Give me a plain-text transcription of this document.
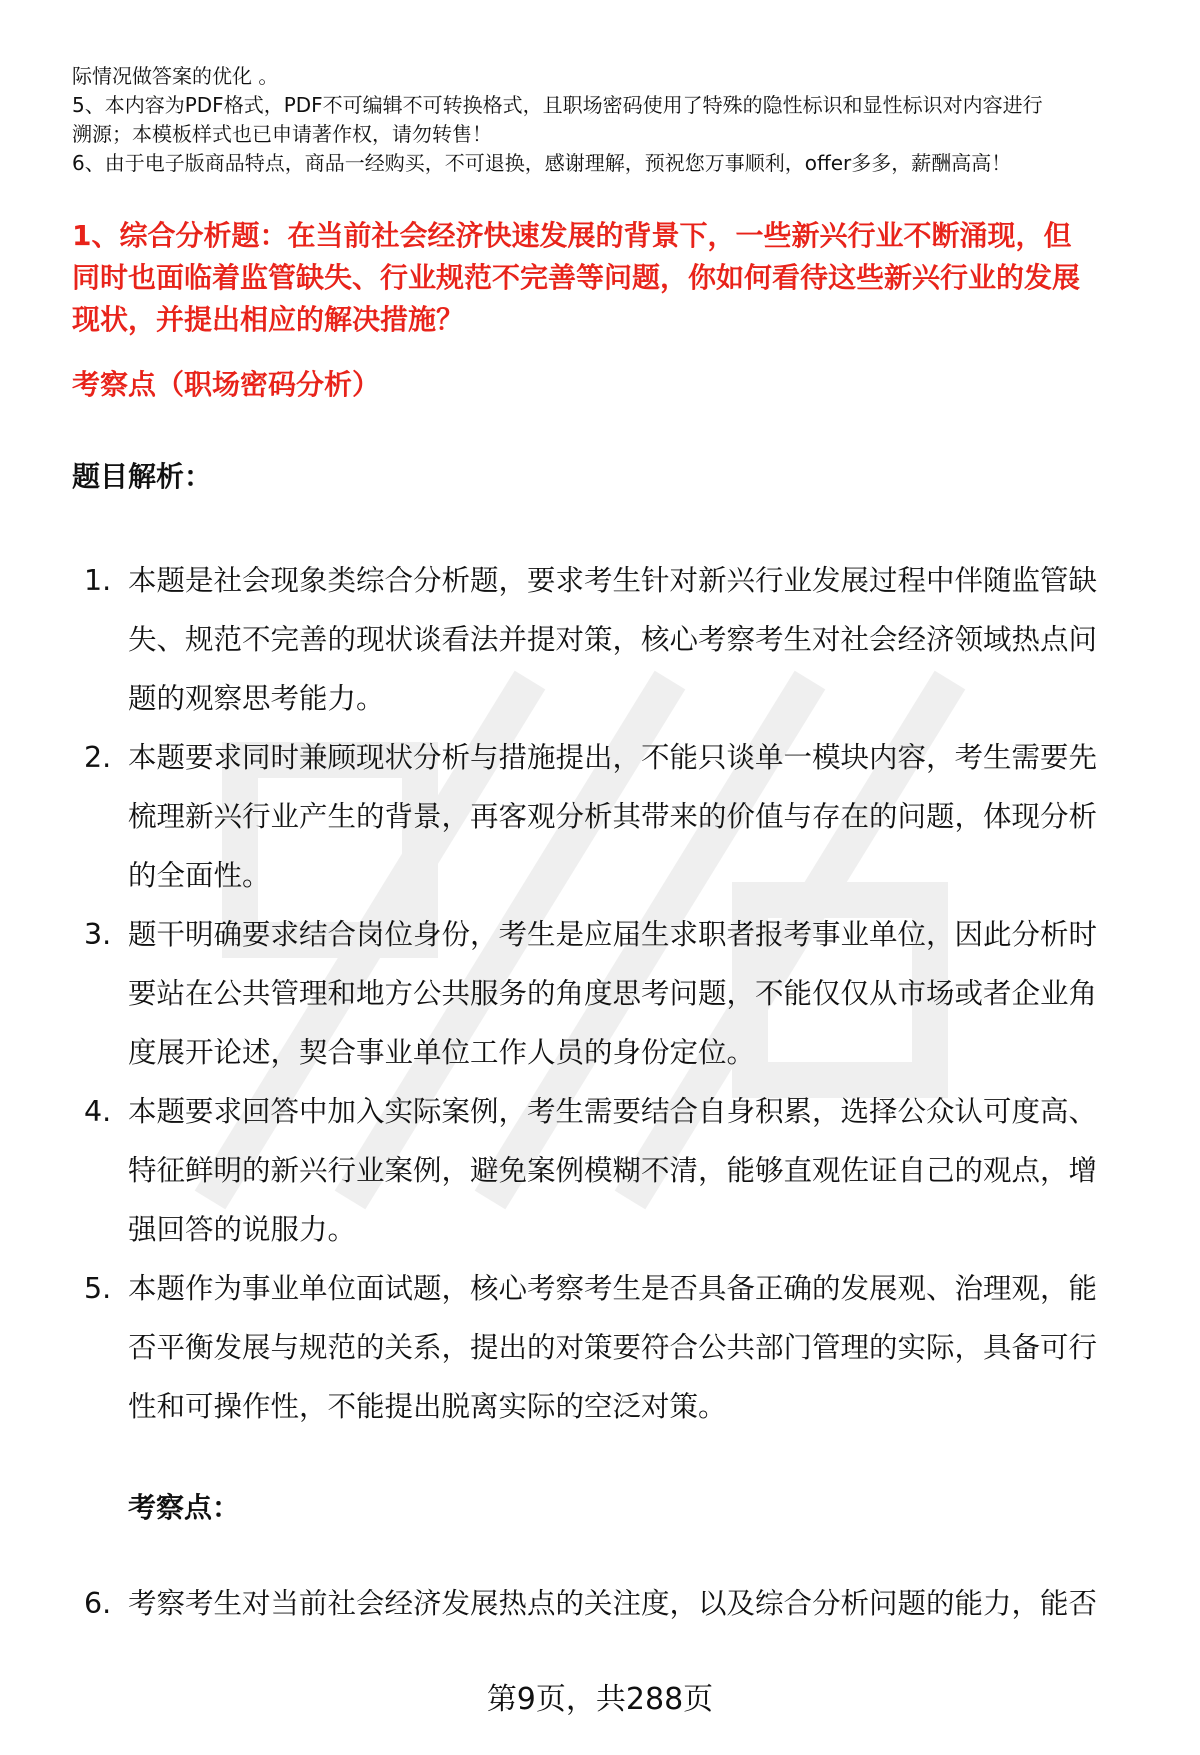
际情况做答案的优化 。

5、本内容为PDF格式，PDF不可编辑不可转换格式，且职场密码使用了特殊的隐性标识和显性标识对内容进行

溯源；本模板样式也已申请著作权，请勿转售！

6、由于电子版商品特点，商品一经购买，不可退换，感谢理解，预祝您万事顺利，offer多多，薪酬高高！

1、综合分析题：在当前社会经济快速发展的背景下，一些新兴行业不断涌现，但
同时也面临着监管缺失、行业规范不完善等问题，你如何看待这些新兴行业的发展
现状，并提出相应的解决措施？
考察点（职场密码分析）
题目解析：
1. 本题是社会现象类综合分析题，要求考生针对新兴行业发展过程中伴随监管缺
失、规范不完善的现状谈看法并提对策，核心考察考生对社会经济领域热点问
题的观察思考能力。
2. 本题要求同时兼顾现状分析与措施提出，不能只谈单一模块内容，考生需要先
梳理新兴行业产生的背景，再客观分析其带来的价值与存在的问题，体现分析
的全面性。
3. 题干明确要求结合岗位身份，考生是应届生求职者报考事业单位，因此分析时
要站在公共管理和地方公共服务的角度思考问题，不能仅仅从市场或者企业角
度展开论述，契合事业单位工作人员的身份定位。
4. 本题要求回答中加入实际案例，考生需要结合自身积累，选择公众认可度高、
特征鲜明的新兴行业案例，避免案例模糊不清，能够直观佐证自己的观点，增
强回答的说服力。
5. 本题作为事业单位面试题，核心考察考生是否具备正确的发展观、治理观，能
否平衡发展与规范的关系，提出的对策要符合公共部门管理的实际，具备可行
性和可操作性，不能提出脱离实际的空泛对策。
考察点：
6. 考察考生对当前社会经济发展热点的关注度，以及综合分析问题的能力，能否
第9页，共288页
